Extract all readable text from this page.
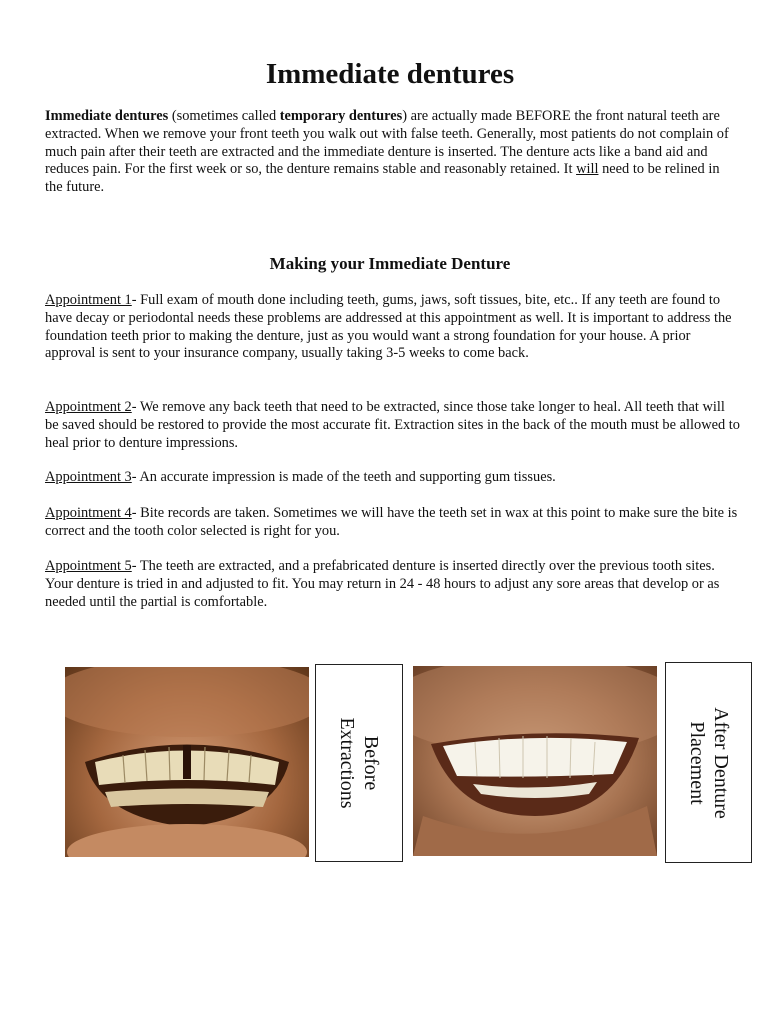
Immediate dentures

Immediate dentures (sometimes called temporary dentures) are actually made BEFORE the front natural teeth are extracted. When we remove your front teeth you walk out with false teeth. Generally, most patients do not complain of much pain after their teeth are extracted and the immediate denture is inserted. The denture acts like a band aid and reduces pain. For the first week or so, the denture remains stable and reasonably retained. It will need to be relined in the future.

Making your Immediate Denture

Appointment 1- Full exam of mouth done including teeth, gums, jaws, soft tissues, bite, etc.. If any teeth are found to have decay or periodontal needs these problems are addressed at this appointment as well. It is important to address the foundation teeth prior to making the denture, just as you would want a strong foundation for your house. A prior approval is sent to your insurance company, usually taking 3-5 weeks to come back.

Appointment 2- We remove any back teeth that need to be extracted, since those take longer to heal. All teeth that will be saved should be restored to provide the most accurate fit. Extraction sites in the back of the mouth must be allowed to heal prior to denture impressions.

Appointment 3- An accurate impression is made of the teeth and supporting gum tissues.

Appointment 4- Bite records are taken. Sometimes we will have the teeth set in wax at this point to make sure the bite is correct and the tooth color selected is right for you.

Appointment 5- The teeth are extracted, and a prefabricated denture is inserted directly over the previous tooth sites. Your denture is tried in and adjusted to fit. You may return in 24 - 48 hours to adjust any sore areas that develop or as needed until the partial is comfortable.

Before
Extractions	After Denture
Placement
